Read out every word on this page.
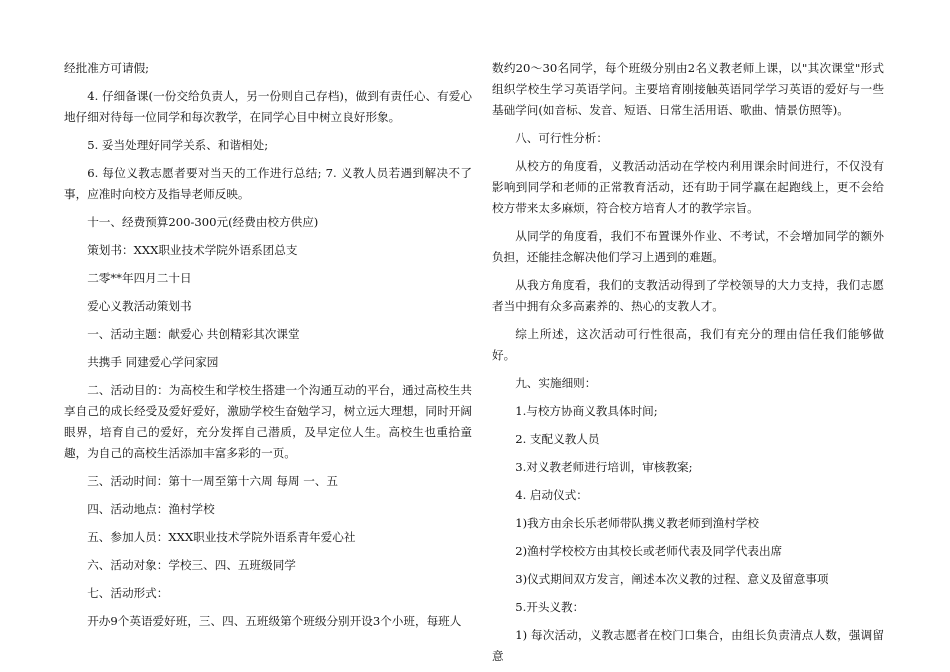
经批准方可请假;

4. 仔细备课(一份交给负责人，另一份则自己存档)，做到有责任心、有爱心地仔细对待每一位同学和每次教学，在同学心目中树立良好形象。

5. 妥当处理好同学关系、和谐相处;

6. 每位义教志愿者要对当天的工作进行总结; 7. 义教人员若遇到解决不了事，应准时向校方及指导老师反映。

十一、经费预算200-300元(经费由校方供应)

策划书：XXX职业技术学院外语系团总支

二零**年四月二十日

爱心义教活动策划书

一、活动主题：献爱心 共创精彩其次课堂

共携手 同建爱心学问家园

二、活动目的：为高校生和学校生搭建一个沟通互动的平台，通过高校生共享自己的成长经受及爱好爱好，激励学校生奋勉学习，树立远大理想，同时开阔眼界，培育自己的爱好，充分发挥自己潜质，及早定位人生。高校生也重拾童趣，为自己的高校生活添加丰富多彩的一页。

三、活动时间：第十一周至第十六周 每周 一、五

四、活动地点：渔村学校

五、参加人员：XXX职业技术学院外语系青年爱心社

六、活动对象：学校三、四、五班级同学

七、活动形式：

开办9个英语爱好班，三、四、五班级第个班级分别开设3个小班，每班人

数约20～30名同学，每个班级分别由2名义教老师上课，以"其次课堂"形式组织学校生学习英语学问。主要培育刚接触英语同学学习英语的爱好与一些基础学问(如音标、发音、短语、日常生活用语、歌曲、情景仿照等)。

八、可行性分析：

从校方的角度看，义教活动活动在学校内利用课余时间进行，不仅没有影响到同学和老师的正常教育活动，还有助于同学赢在起跑线上，更不会给校方带来太多麻烦，符合校方培育人才的教学宗旨。

从同学的角度看，我们不布置课外作业、不考试，不会增加同学的额外负担，还能挂念解决他们学习上遇到的难题。

从我方角度看，我们的支教活动得到了学校领导的大力支持，我们志愿者当中拥有众多高素养的、热心的支教人才。

综上所述，这次活动可行性很高，我们有充分的理由信任我们能够做好。

九、实施细则：

1.与校方协商义教具体时间;

2. 支配义教人员

3.对义教老师进行培训，审核教案;

4. 启动仪式：

1)我方由余长乐老师带队携义教老师到渔村学校

2)渔村学校校方由其校长或老师代表及同学代表出席

3)仪式期间双方发言，阐述本次义教的过程、意义及留意事项

5.开头义教：

1) 每次活动，义教志愿者在校门口集合，由组长负责清点人数，强调留意
